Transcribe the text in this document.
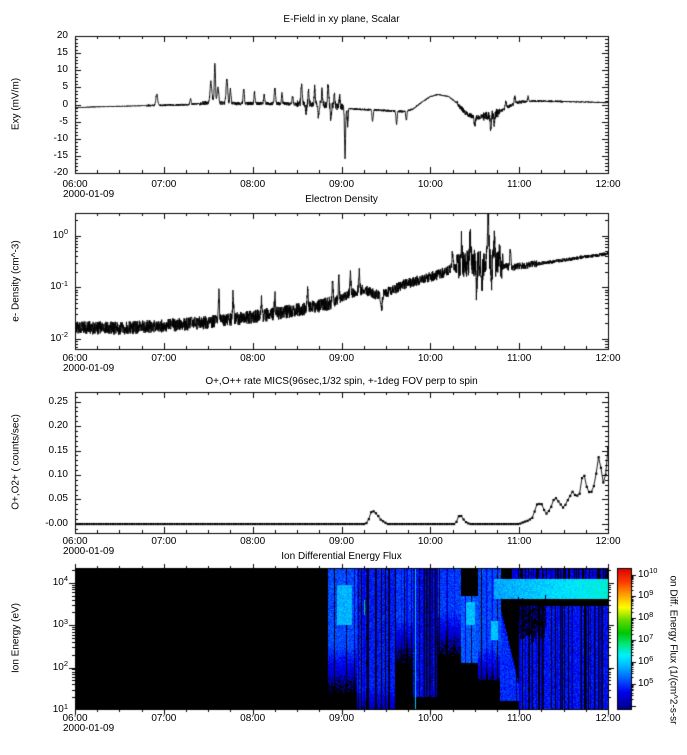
E-Field in xy plane, Scalar
Electron Density
O+,O++ rate MICS(96sec,1/32 spin, +-1deg FOV perp to spin
Ion Differential Energy Flux
Exy (mV/m)
e- Density (cm^-3)
O+,O2+ ( counts/sec)
Ion Energy (eV)	on Diff. Energy Flux (1/(cm^2-s-sr
06:00	07:00	08:00	09:00	10:00	11:00	12:00
2000-01-09
20
15
10
5
0
-5
-10
-15
-20
06:00	07:00	08:00	09:00	10:00	11:00	12:00
2000-01-09
$10^0$
$10^{-1}$
$10^{-2}$
06:00	07:00	08:00	09:00	10:00	11:00	12:00
2000-01-09
0.25
0.20
0.15
0.10
0.05
-0.00
06:00	07:00	08:00	09:00	10:00	11:00	12:00
2000-01-09
$10^4$
$10^3$
$10^2$
$10^1$
$10^{10}$
$10^9$
$10^8$
$10^7$
$10^6$
$10^5$
